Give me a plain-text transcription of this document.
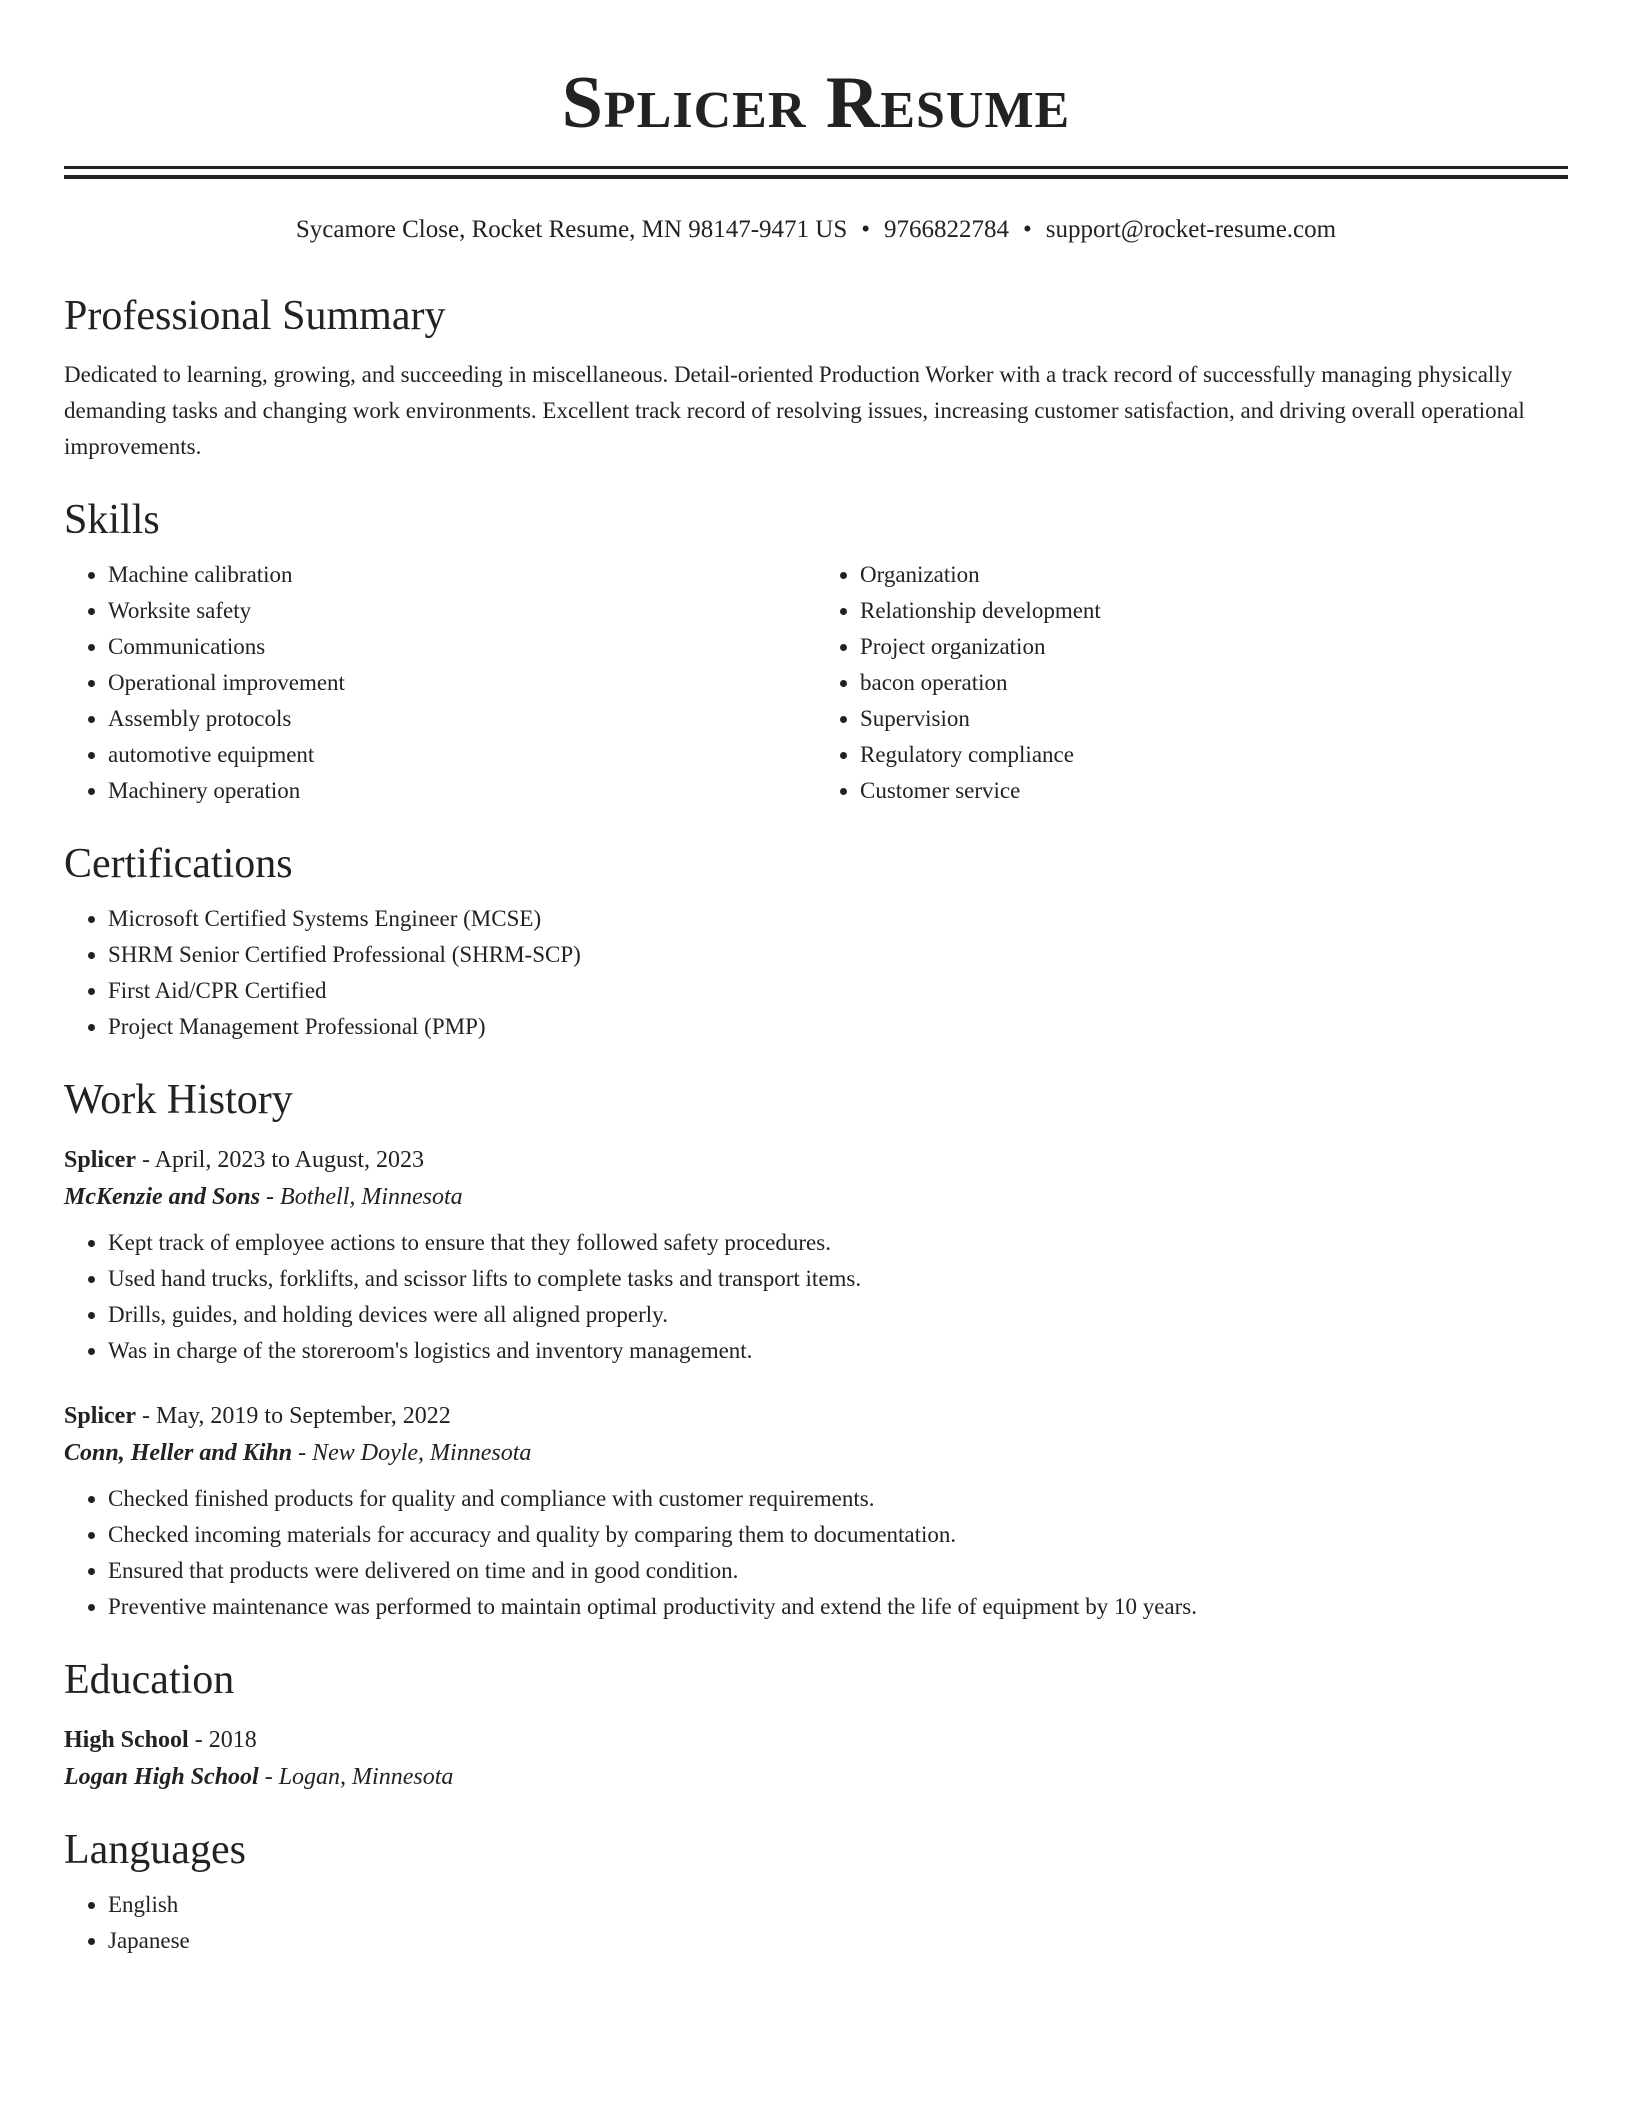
Splicer Resume
Sycamore Close, Rocket Resume, MN 98147-9471 US • 9766822784 • support@rocket-resume.com
Professional Summary

Dedicated to learning, growing, and succeeding in miscellaneous. Detail-oriented Production Worker with a track record of successfully managing physically demanding tasks and changing work environments. Excellent track record of resolving issues, increasing customer satisfaction, and driving overall operational improvements.

Skills
• Machine calibration
• Worksite safety
• Communications
• Operational improvement
• Assembly protocols
• automotive equipment
• Machinery operation
• Organization
• Relationship development
• Project organization
• bacon operation
• Supervision
• Regulatory compliance
• Customer service
Certifications
• Microsoft Certified Systems Engineer (MCSE)
• SHRM Senior Certified Professional (SHRM-SCP)
• First Aid/CPR Certified
• Project Management Professional (PMP)
Work History
Splicer - April, 2023 to August, 2023
McKenzie and Sons - Bothell, Minnesota
• Kept track of employee actions to ensure that they followed safety procedures.
• Used hand trucks, forklifts, and scissor lifts to complete tasks and transport items.
• Drills, guides, and holding devices were all aligned properly.
• Was in charge of the storeroom's logistics and inventory management.
Splicer - May, 2019 to September, 2022
Conn, Heller and Kihn - New Doyle, Minnesota
• Checked finished products for quality and compliance with customer requirements.
• Checked incoming materials for accuracy and quality by comparing them to documentation.
• Ensured that products were delivered on time and in good condition.
• Preventive maintenance was performed to maintain optimal productivity and extend the life of equipment by 10 years.
Education
High School - 2018
Logan High School - Logan, Minnesota
Languages
• English
• Japanese
